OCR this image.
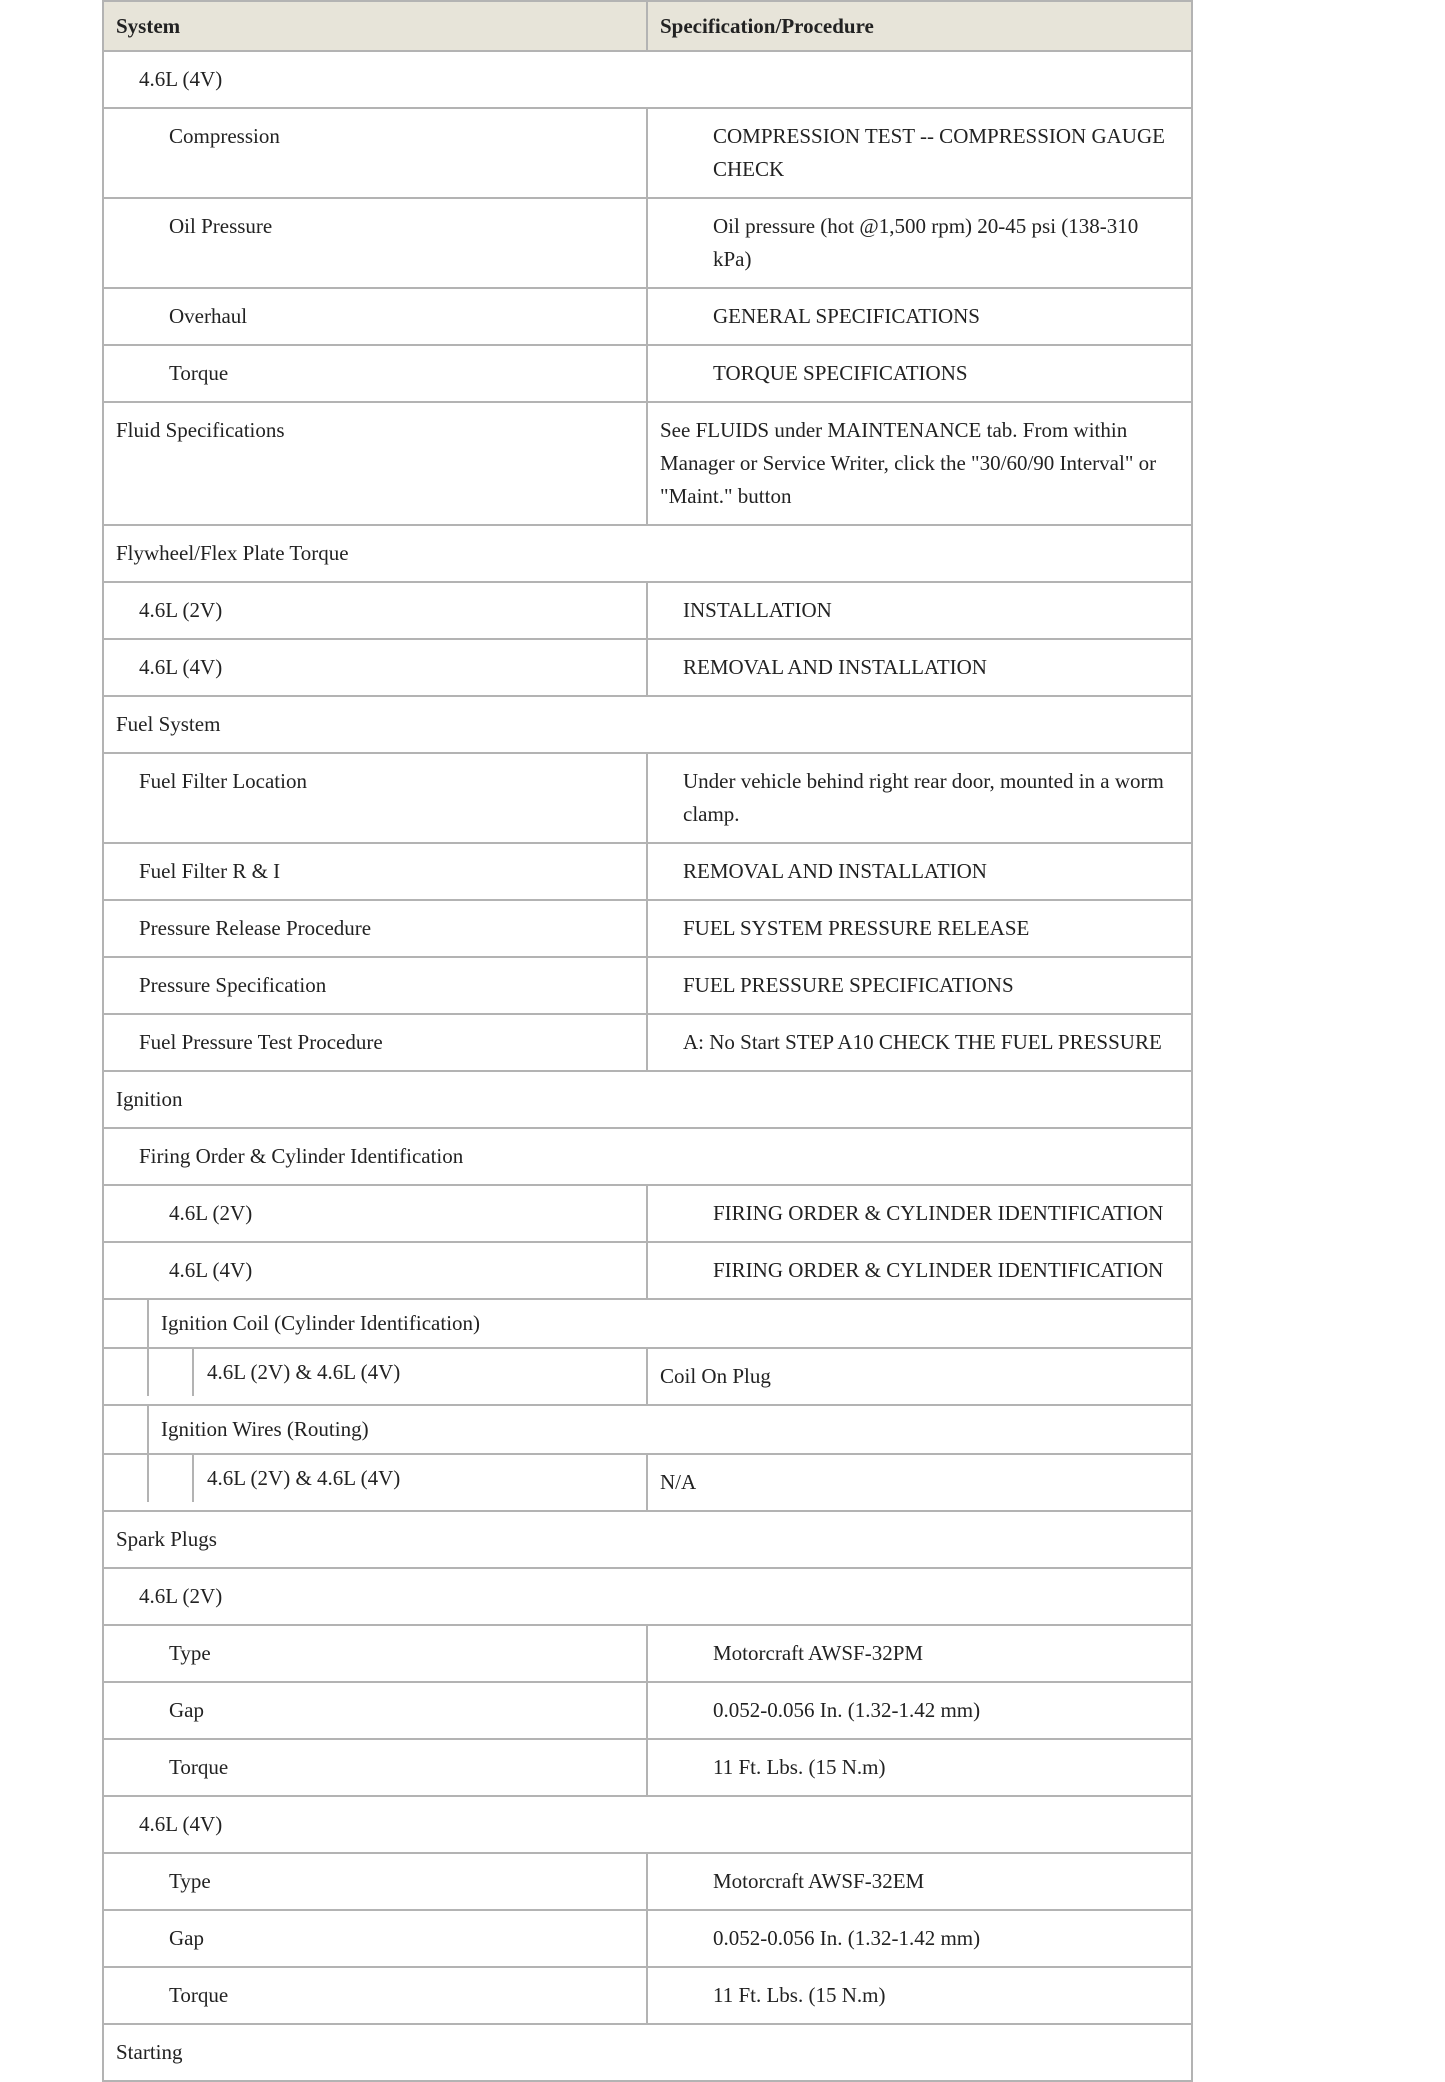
System	Specification/Procedure

4.6L (4V)	

Compression	COMPRESSION TEST -- COMPRESSION GAUGE CHECK

Oil Pressure	Oil pressure (hot @1,500 rpm) 20-45 psi (138-310 kPa)

Overhaul	GENERAL SPECIFICATIONS

Torque	TORQUE SPECIFICATIONS

Fluid Specifications	See FLUIDS under MAINTENANCE tab. From within Manager or Service Writer, click the "30/60/90 Interval" or "Maint." button

Flywheel/Flex Plate Torque	

4.6L (2V)	INSTALLATION

4.6L (4V)	REMOVAL AND INSTALLATION

Fuel System	

Fuel Filter Location	Under vehicle behind right rear door, mounted in a worm clamp.

Fuel Filter R & I	REMOVAL AND INSTALLATION

Pressure Release Procedure	FUEL SYSTEM PRESSURE RELEASE

Pressure Specification	FUEL PRESSURE SPECIFICATIONS

Fuel Pressure Test Procedure	A: No Start STEP A10 CHECK THE FUEL PRESSURE

Ignition	

Firing Order & Cylinder Identification	

4.6L (2V)	FIRING ORDER & CYLINDER IDENTIFICATION

4.6L (4V)	FIRING ORDER & CYLINDER IDENTIFICATION

Ignition Coil (Cylinder Identification)	

4.6L (2V) & 4.6L (4V)	Coil On Plug

Ignition Wires (Routing)	

4.6L (2V) & 4.6L (4V)	N/A

Spark Plugs	

4.6L (2V)	

Type	Motorcraft AWSF-32PM

Gap	0.052-0.056 In. (1.32-1.42 mm)

Torque	11 Ft. Lbs. (15 N.m)

4.6L (4V)	

Type	Motorcraft AWSF-32EM

Gap	0.052-0.056 In. (1.32-1.42 mm)

Torque	11 Ft. Lbs. (15 N.m)

Starting	
